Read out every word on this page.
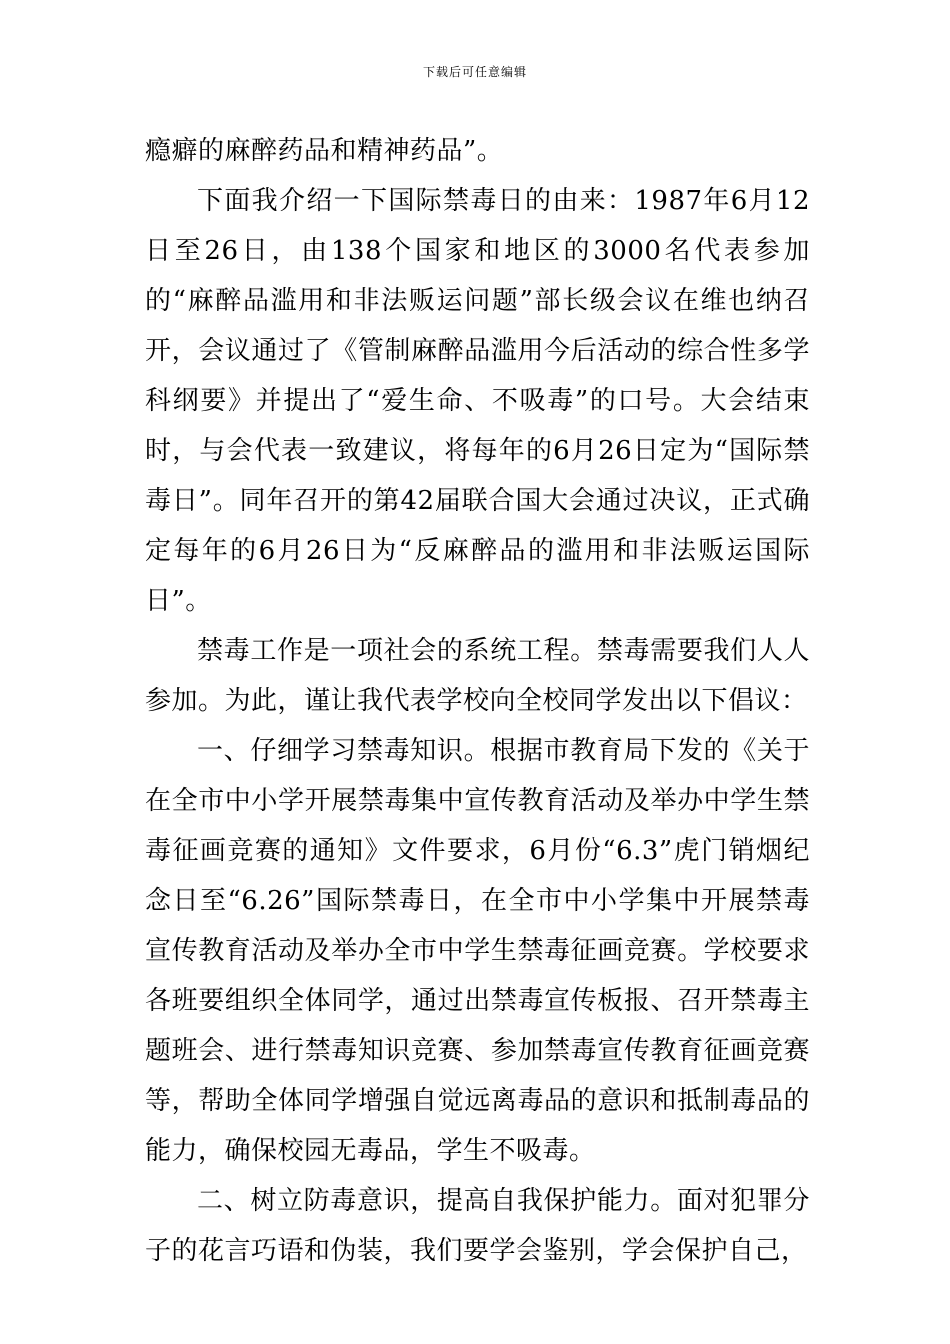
下载后可任意编辑

瘾癖的麻醉药品和精神药品”。

下面我介绍一下国际禁毒日的由来：1987年6月12日至26日，由138个国家和地区的3000名代表参加的“麻醉品滥用和非法贩运问题”部长级会议在维也纳召开，会议通过了《管制麻醉品滥用今后活动的综合性多学科纲要》并提出了“爱生命、不吸毒”的口号。大会结束时，与会代表一致建议，将每年的6月26日定为“国际禁毒日”。同年召开的第42届联合国大会通过决议，正式确定每年的6月26日为“反麻醉品的滥用和非法贩运国际日”。

禁毒工作是一项社会的系统工程。禁毒需要我们人人参加。为此，谨让我代表学校向全校同学发出以下倡议：

一、仔细学习禁毒知识。根据市教育局下发的《关于在全市中小学开展禁毒集中宣传教育活动及举办中学生禁毒征画竞赛的通知》文件要求，6月份“6.3”虎门销烟纪念日至“6.26”国际禁毒日，在全市中小学集中开展禁毒宣传教育活动及举办全市中学生禁毒征画竞赛。学校要求各班要组织全体同学，通过出禁毒宣传板报、召开禁毒主题班会、进行禁毒知识竞赛、参加禁毒宣传教育征画竞赛等，帮助全体同学增强自觉远离毒品的意识和抵制毒品的能力，确保校园无毒品，学生不吸毒。

二、树立防毒意识，提高自我保护能力。面对犯罪分子的花言巧语和伪装，我们要学会鉴别，学会保护自己，
